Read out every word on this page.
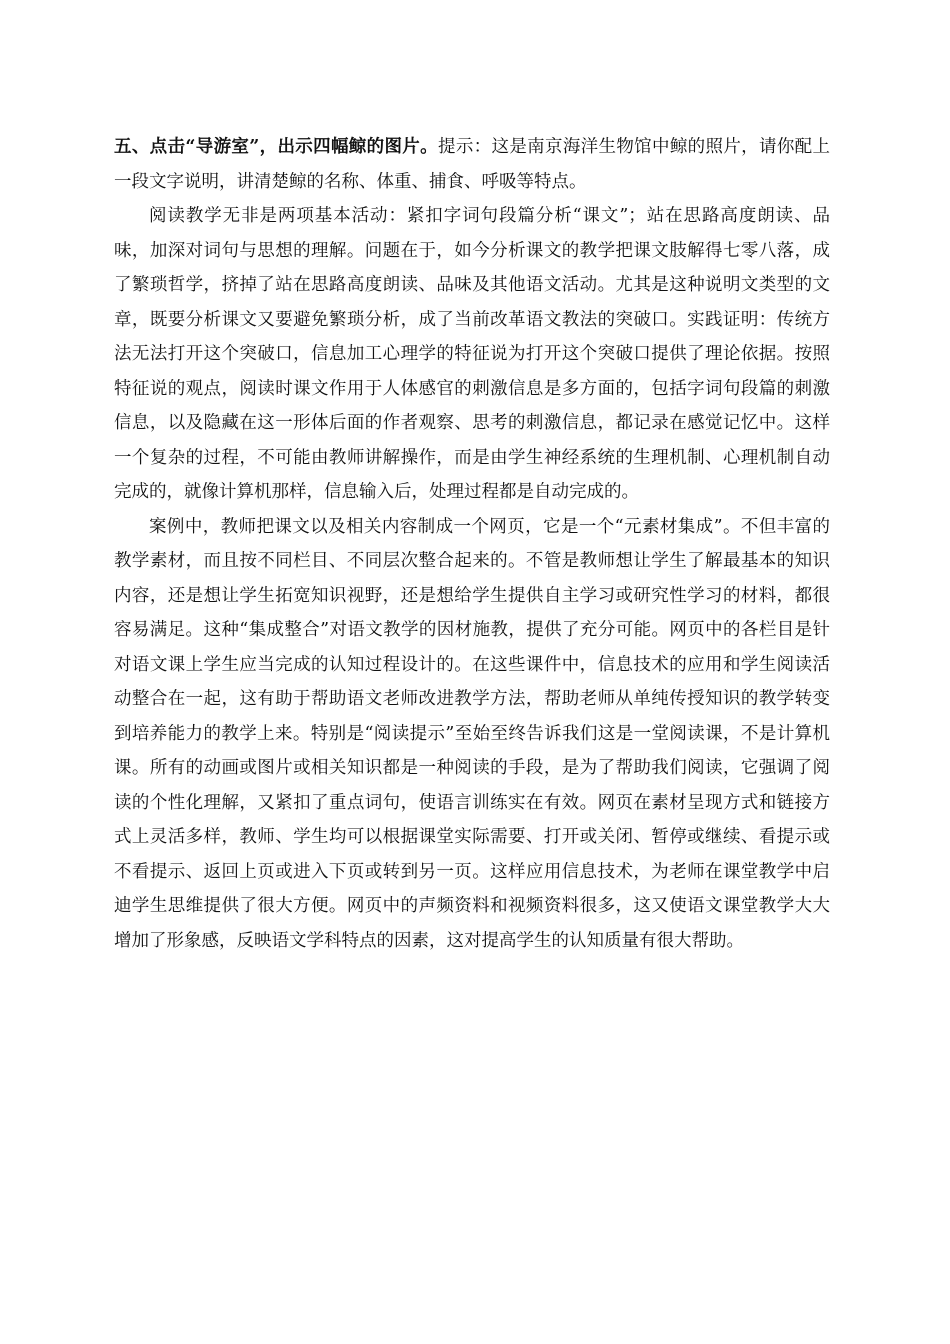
五、点击“导游室”，出示四幅鲸的图片。提示：这是南京海洋生物馆中鲸的照片，请你配上一段文字说明，讲清楚鲸的名称、体重、捕食、呼吸等特点。

阅读教学无非是两项基本活动：紧扣字词句段篇分析“课文”；站在思路高度朗读、品味，加深对词句与思想的理解。问题在于，如今分析课文的教学把课文肢解得七零八落，成了繁琐哲学，挤掉了站在思路高度朗读、品味及其他语文活动。尤其是这种说明文类型的文章，既要分析课文又要避免繁琐分析，成了当前改革语文教法的突破口。实践证明：传统方法无法打开这个突破口，信息加工心理学的特征说为打开这个突破口提供了理论依据。按照特征说的观点，阅读时课文作用于人体感官的刺激信息是多方面的，包括字词句段篇的刺激信息，以及隐藏在这一形体后面的作者观察、思考的刺激信息，都记录在感觉记忆中。这样一个复杂的过程，不可能由教师讲解操作，而是由学生神经系统的生理机制、心理机制自动完成的，就像计算机那样，信息输入后，处理过程都是自动完成的。

案例中，教师把课文以及相关内容制成一个网页，它是一个“元素材集成”。不但丰富的教学素材，而且按不同栏目、不同层次整合起来的。不管是教师想让学生了解最基本的知识内容，还是想让学生拓宽知识视野，还是想给学生提供自主学习或研究性学习的材料，都很容易满足。这种“集成整合”对语文教学的因材施教，提供了充分可能。网页中的各栏目是针对语文课上学生应当完成的认知过程设计的。在这些课件中，信息技术的应用和学生阅读活动整合在一起，这有助于帮助语文老师改进教学方法，帮助老师从单纯传授知识的教学转变到培养能力的教学上来。特别是“阅读提示”至始至终告诉我们这是一堂阅读课，不是计算机课。所有的动画或图片或相关知识都是一种阅读的手段，是为了帮助我们阅读，它强调了阅读的个性化理解，又紧扣了重点词句，使语言训练实在有效。网页在素材呈现方式和链接方式上灵活多样，教师、学生均可以根据课堂实际需要、打开或关闭、暂停或继续、看提示或不看提示、返回上页或进入下页或转到另一页。这样应用信息技术，为老师在课堂教学中启迪学生思维提供了很大方便。网页中的声频资料和视频资料很多，这又使语文课堂教学大大增加了形象感，反映语文学科特点的因素，这对提高学生的认知质量有很大帮助。
